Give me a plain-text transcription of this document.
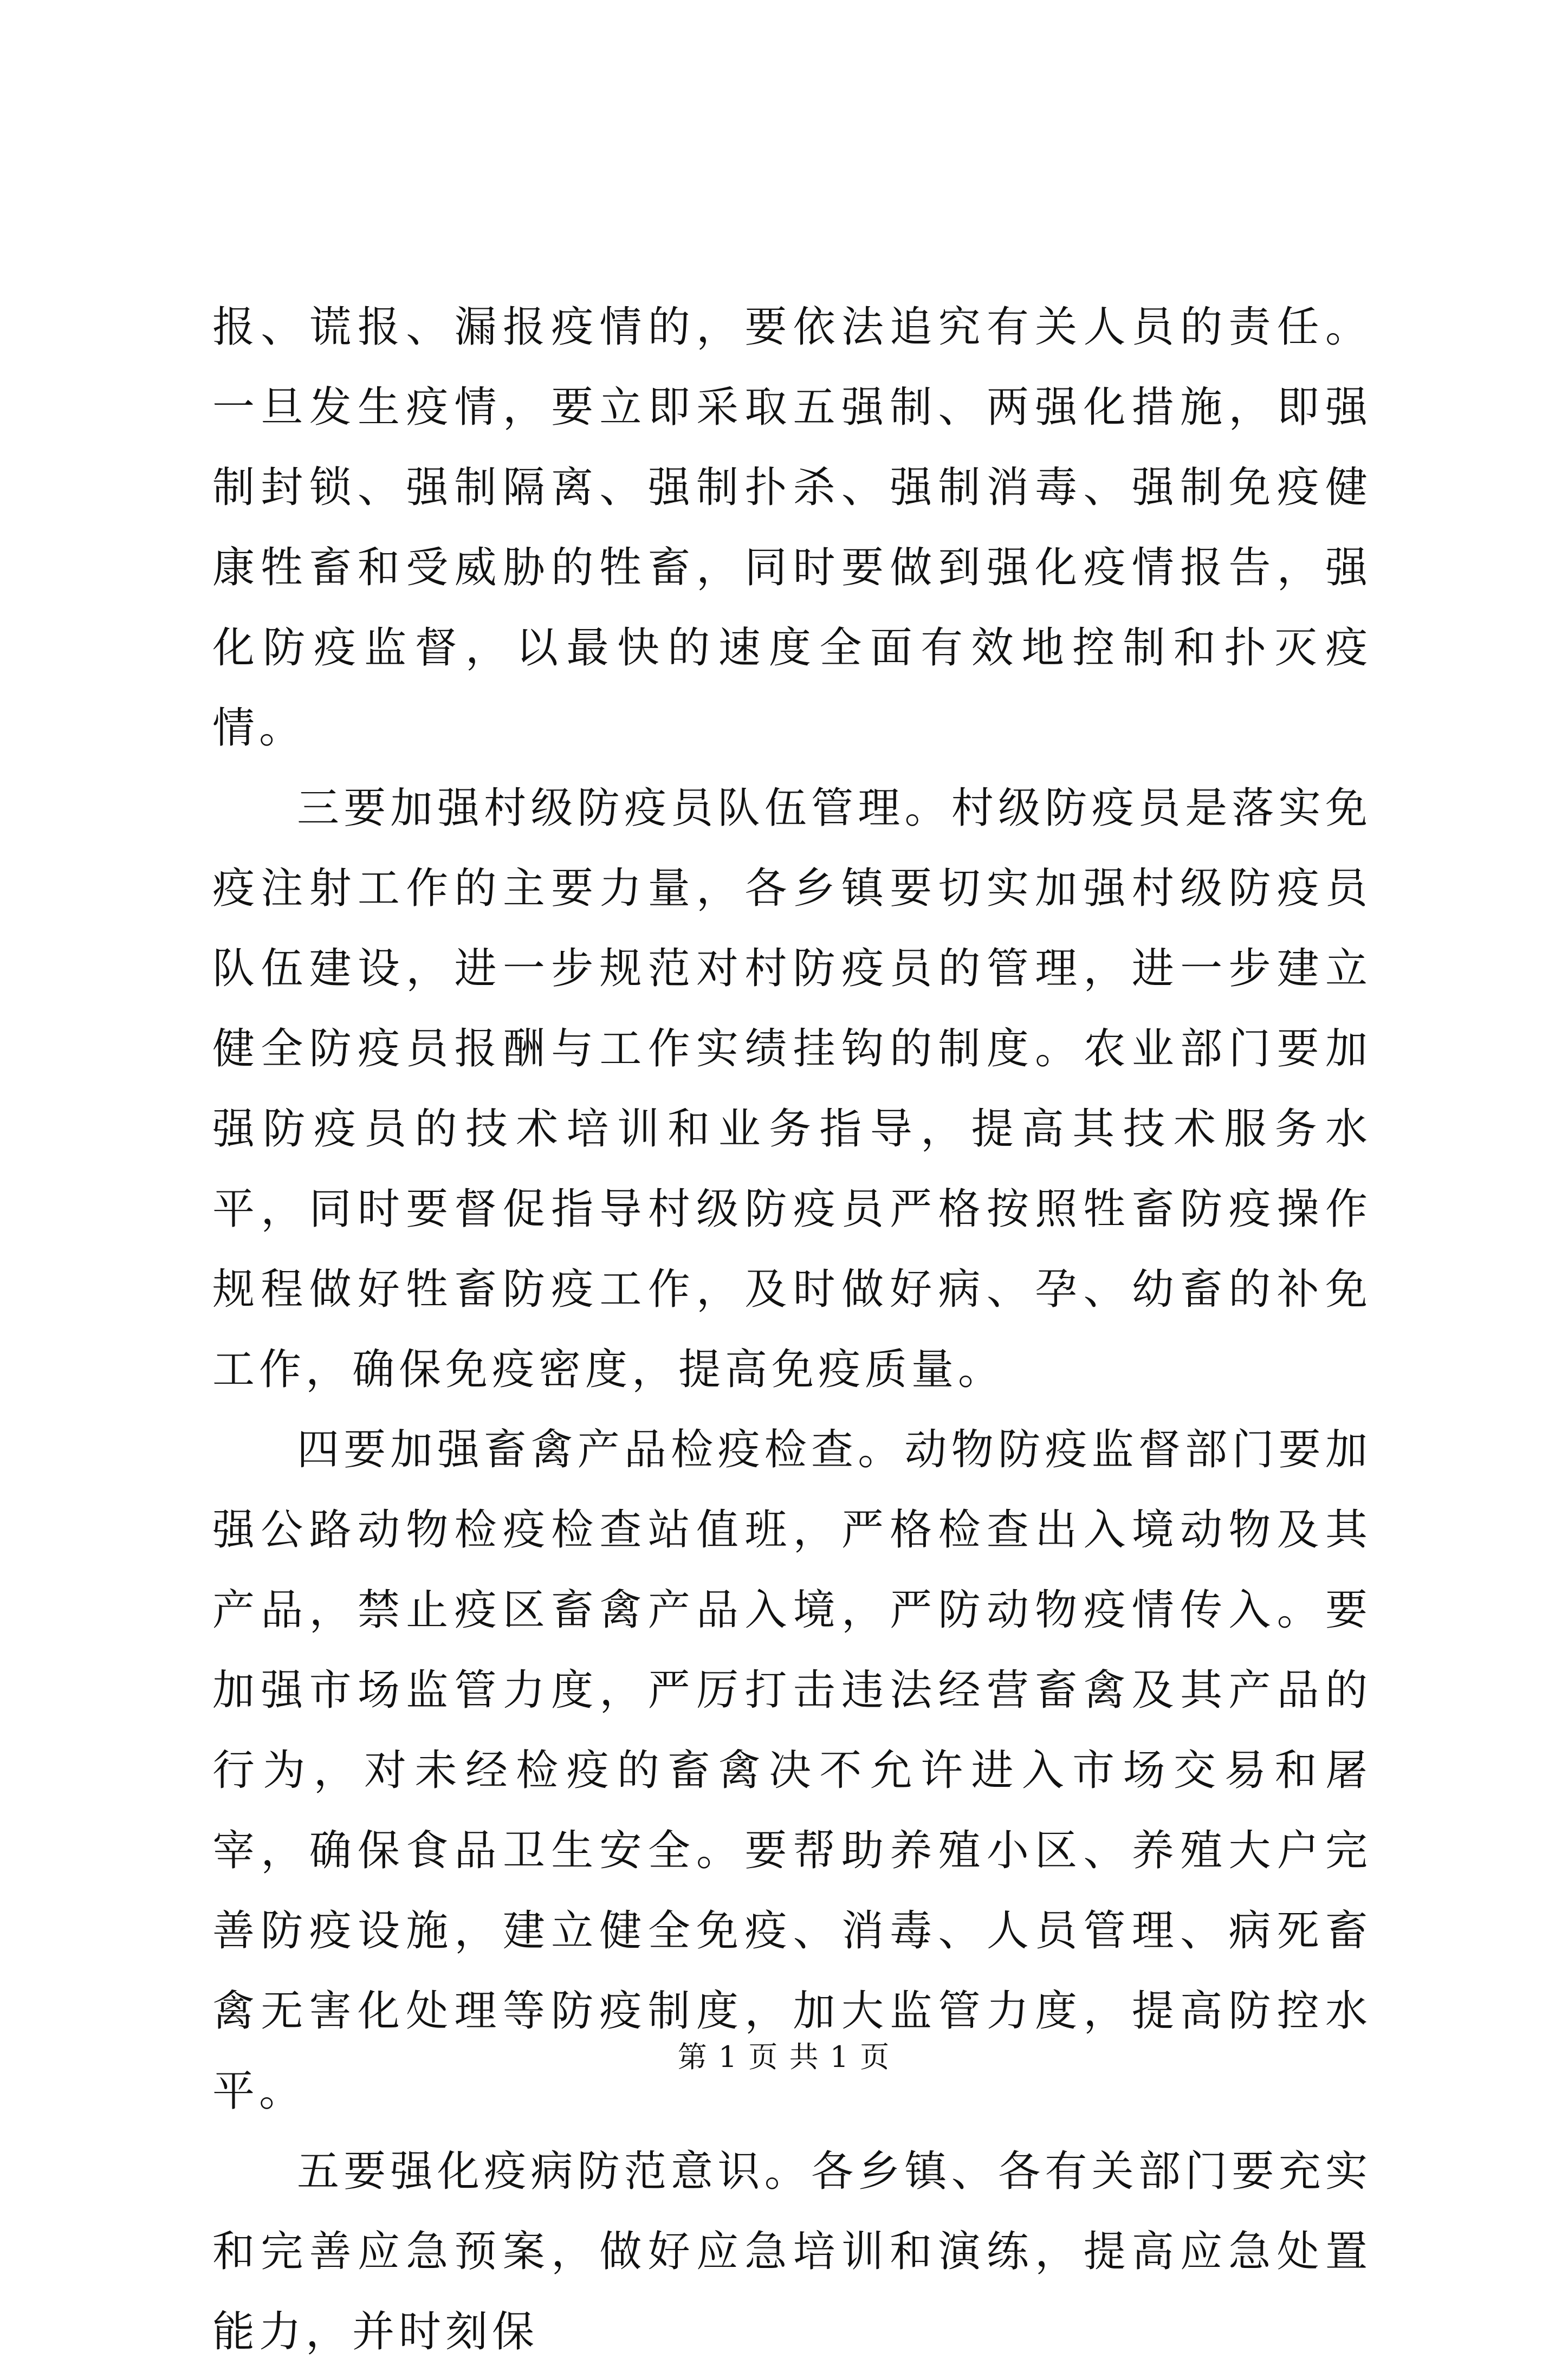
报、谎报、漏报疫情的，要依法追究有关人员的责任。一旦发生疫情，要立即采取五强制、两强化措施，即强制封锁、强制隔离、强制扑杀、强制消毒、强制免疫健康牲畜和受威胁的牲畜，同时要做到强化疫情报告，强化防疫监督，以最快的速度全面有效地控制和扑灭疫情。

三要加强村级防疫员队伍管理。村级防疫员是落实免疫注射工作的主要力量，各乡镇要切实加强村级防疫员队伍建设，进一步规范对村防疫员的管理，进一步建立健全防疫员报酬与工作实绩挂钩的制度。农业部门要加强防疫员的技术培训和业务指导，提高其技术服务水平，同时要督促指导村级防疫员严格按照牲畜防疫操作规程做好牲畜防疫工作，及时做好病、孕、幼畜的补免工作，确保免疫密度，提高免疫质量。

四要加强畜禽产品检疫检查。动物防疫监督部门要加强公路动物检疫检查站值班，严格检查出入境动物及其产品，禁止疫区畜禽产品入境，严防动物疫情传入。要加强市场监管力度，严厉打击违法经营畜禽及其产品的行为，对未经检疫的畜禽决不允许进入市场交易和屠宰，确保食品卫生安全。要帮助养殖小区、养殖大户完善防疫设施，建立健全免疫、消毒、人员管理、病死畜禽无害化处理等防疫制度，加大监管力度，提高防控水平。

五要强化疫病防范意识。各乡镇、各有关部门要充实和完善应急预案，做好应急培训和演练，提高应急处置能力，并时刻保

第 1 页 共 1 页
